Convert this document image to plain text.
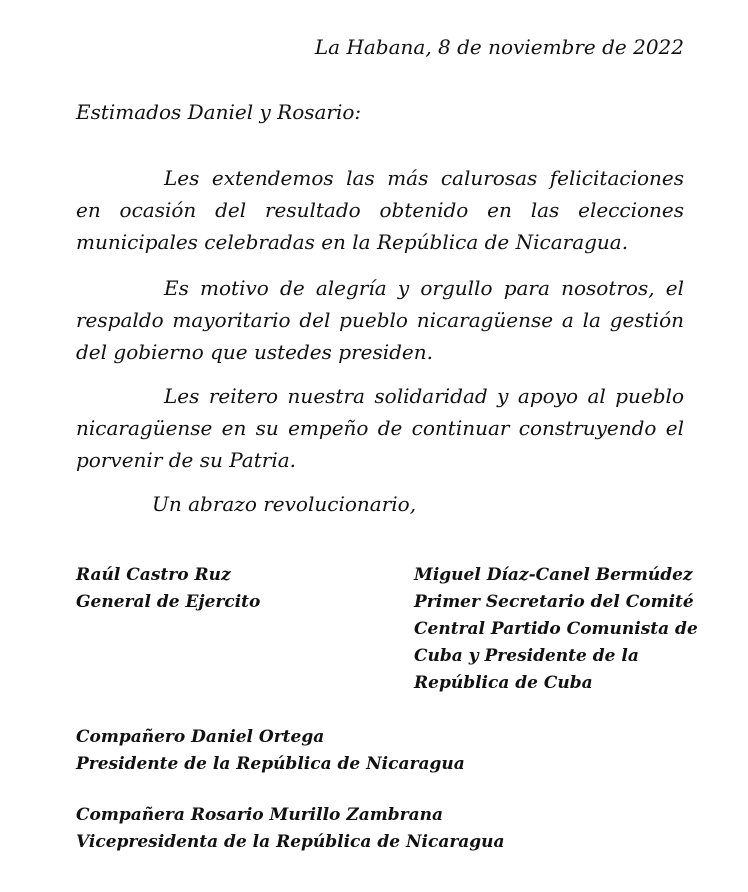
La Habana, 8 de noviembre de 2022
Estimados Daniel y Rosario:

Les extendemos las más calurosas felicitaciones en ocasión del resultado obtenido en las elecciones municipales celebradas en la República de Nicaragua.

Es motivo de alegría y orgullo para nosotros, el respaldo mayoritario del pueblo nicaragüense a la gestión del gobierno que ustedes presiden.

Les reitero nuestra solidaridad y apoyo al pueblo nicaragüense en su empeño de continuar construyendo el porvenir de su Patria.

Un abrazo revolucionario,
Raúl Castro Ruz
General de Ejercito
Miguel Díaz-Canel Bermúdez
Primer Secretario del Comité
Central Partido Comunista de
Cuba y Presidente de la
República de Cuba
Compañero Daniel Ortega
Presidente de la República de Nicaragua
Compañera Rosario Murillo Zambrana
Vicepresidenta de la República de Nicaragua
